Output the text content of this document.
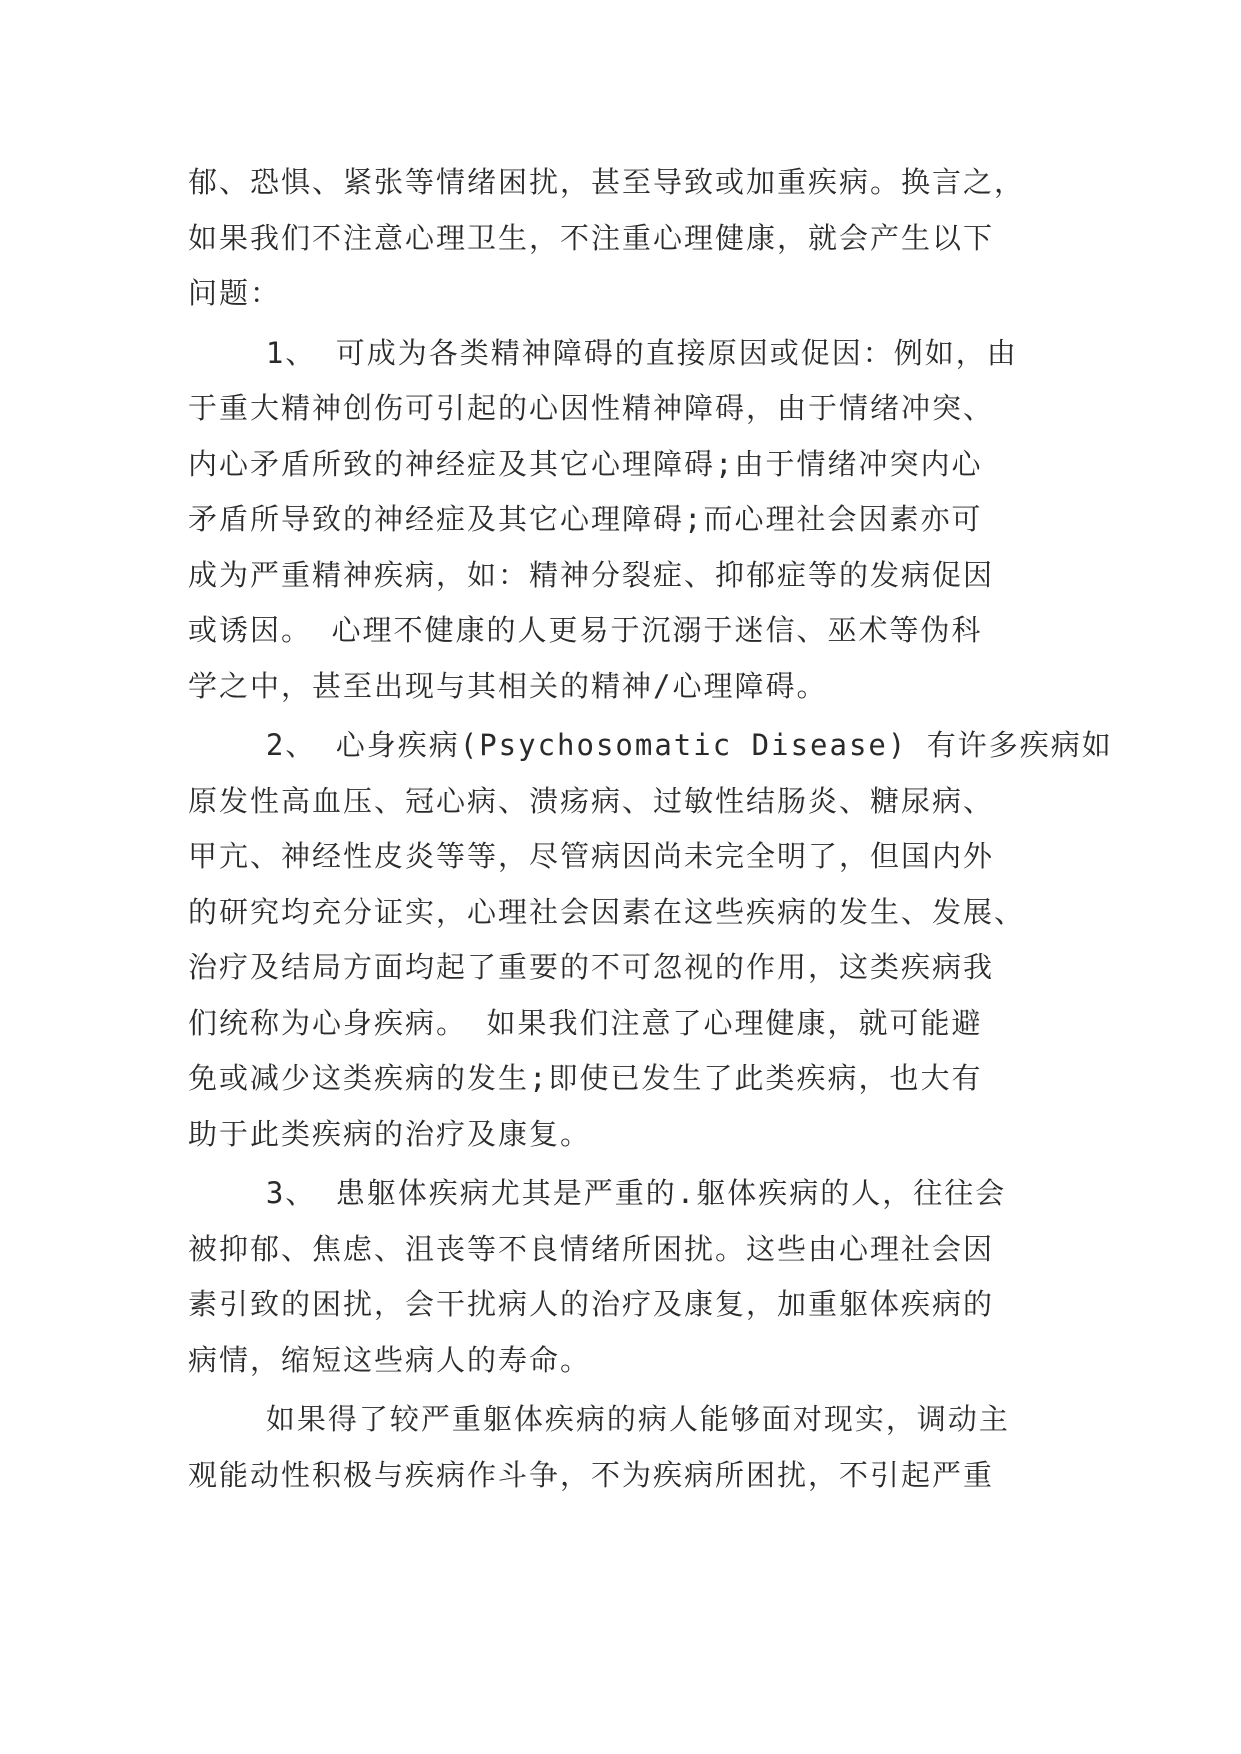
郁、恐惧、紧张等情绪困扰，甚至导致或加重疾病。换言之，
如果我们不注意心理卫生，不注重心理健康，就会产生以下
问题：
1、 可成为各类精神障碍的直接原因或促因：例如，由
于重大精神创伤可引起的心因性精神障碍，由于情绪冲突、
内心矛盾所致的神经症及其它心理障碍;由于情绪冲突内心
矛盾所导致的神经症及其它心理障碍;而心理社会因素亦可
成为严重精神疾病，如：精神分裂症、抑郁症等的发病促因
或诱因。 心理不健康的人更易于沉溺于迷信、巫术等伪科
学之中，甚至出现与其相关的精神/心理障碍。
2、 心身疾病(Psychosomatic Disease) 有许多疾病如
原发性高血压、冠心病、溃疡病、过敏性结肠炎、糖尿病、
甲亢、神经性皮炎等等，尽管病因尚未完全明了，但国内外
的研究均充分证实，心理社会因素在这些疾病的发生、发展、
治疗及结局方面均起了重要的不可忽视的作用，这类疾病我
们统称为心身疾病。 如果我们注意了心理健康，就可能避
免或减少这类疾病的发生;即使已发生了此类疾病，也大有
助于此类疾病的治疗及康复。
3、 患躯体疾病尤其是严重的.躯体疾病的人，往往会
被抑郁、焦虑、沮丧等不良情绪所困扰。这些由心理社会因
素引致的困扰，会干扰病人的治疗及康复，加重躯体疾病的
病情，缩短这些病人的寿命。
如果得了较严重躯体疾病的病人能够面对现实，调动主
观能动性积极与疾病作斗争，不为疾病所困扰，不引起严重
